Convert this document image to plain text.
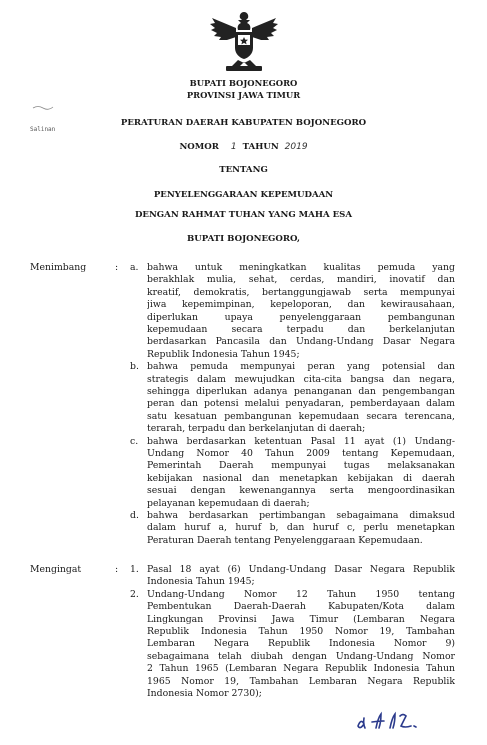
BUPATI BOJONEGORO
PROVINSI JAWA TIMUR
Salinan
PERATURAN DAERAH KABUPATEN BOJONEGORO
NOMOR 1 TAHUN 2019
TENTANG
PENYELENGGARAAN KEPEMUDAAN
DENGAN RAHMAT TUHAN YANG MAHA ESA
BUPATI BOJONEGORO,
Menimbang	: a. bahwa untuk meningkatkan kualitas pemuda yang
berakhlak mulia, sehat, cerdas, mandiri, inovatif dan
kreatif, demokratis, bertanggungjawab serta mempunyai
jiwa kepemimpinan, kepeloporan, dan kewirausahaan,
diperlukan upaya penyelenggaraan pembangunan
kepemudaan secara terpadu dan berkelanjutan
berdasarkan Pancasila dan Undang-Undang Dasar Negara
Republik Indonesia Tahun 1945;
b. bahwa pemuda mempunyai peran yang potensial dan
strategis dalam mewujudkan cita-cita bangsa dan negara,
sehingga diperlukan adanya penanganan dan pengembangan
peran dan potensi melalui penyadaran, pemberdayaan dalam
satu kesatuan pembangunan kepemudaan secara terencana,
terarah, terpadu dan berkelanjutan di daerah;
c. bahwa berdasarkan ketentuan Pasal 11 ayat (1) Undang-
Undang Nomor 40 Tahun 2009 tentang Kepemudaan,
Pemerintah Daerah mempunyai tugas melaksanakan
kebijakan nasional dan menetapkan kebijakan di daerah
sesuai dengan kewenangannya serta mengoordinasikan
pelayanan kepemudaan di daerah;
d. bahwa berdasarkan pertimbangan sebagaimana dimaksud
dalam huruf a, huruf b, dan huruf c, perlu menetapkan
Peraturan Daerah tentang Penyelenggaraan Kepemudaan.
Mengingat	: 1. Pasal 18 ayat (6) Undang-Undang Dasar Negara Republik
Indonesia Tahun 1945;
2. Undang-Undang Nomor 12 Tahun 1950 tentang
Pembentukan Daerah-Daerah Kabupaten/Kota dalam
Lingkungan Provinsi Jawa Timur (Lembaran Negara
Republik Indonesia Tahun 1950 Nomor 19, Tambahan
Lembaran Negara Republik Indonesia Nomor 9)
sebagaimana telah diubah dengan Undang-Undang Nomor
2 Tahun 1965 (Lembaran Negara Republik Indonesia Tahun
1965 Nomor 19, Tambahan Lembaran Negara Republik
Indonesia Nomor 2730);
